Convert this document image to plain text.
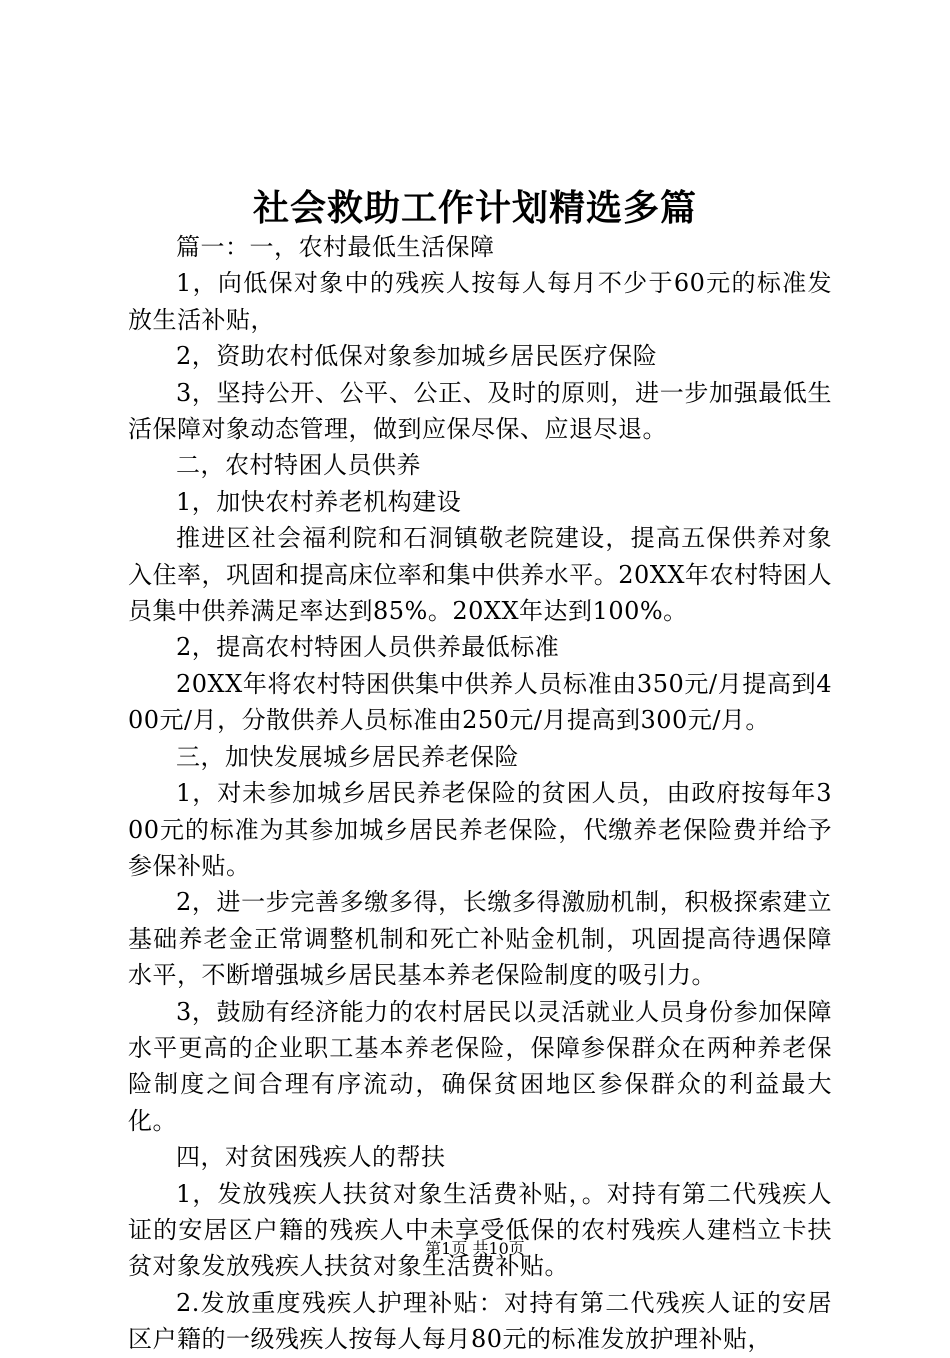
社会救助工作计划精选多篇

篇一：一，农村最低生活保障

1，向低保对象中的残疾人按每人每月不少于60元的标准发放生活补贴，

2，资助农村低保对象参加城乡居民医疗保险

3，坚持公开、公平、公正、及时的原则，进一步加强最低生活保障对象动态管理，做到应保尽保、应退尽退。

二，农村特困人员供养

1，加快农村养老机构建设

推进区社会福利院和石洞镇敬老院建设，提高五保供养对象入住率，巩固和提高床位率和集中供养水平。20XX年农村特困人员集中供养满足率达到85%。20XX年达到100%。

2，提高农村特困人员供养最低标准

20XX年将农村特困供集中供养人员标准由350元/月提高到400元/月，分散供养人员标准由250元/月提高到300元/月。

三，加快发展城乡居民养老保险

1，对未参加城乡居民养老保险的贫困人员，由政府按每年300元的标准为其参加城乡居民养老保险，代缴养老保险费并给予参保补贴。

2，进一步完善多缴多得，长缴多得激励机制，积极探索建立基础养老金正常调整机制和死亡补贴金机制，巩固提高待遇保障水平，不断增强城乡居民基本养老保险制度的吸引力。

3，鼓励有经济能力的农村居民以灵活就业人员身份参加保障水平更高的企业职工基本养老保险，保障参保群众在两种养老保险制度之间合理有序流动，确保贫困地区参保群众的利益最大化。

四，对贫困残疾人的帮扶

1，发放残疾人扶贫对象生活费补贴，。对持有第二代残疾人证的安居区户籍的残疾人中未享受低保的农村残疾人建档立卡扶贫对象发放残疾人扶贫对象生活费补贴。

2.发放重度残疾人护理补贴：对持有第二代残疾人证的安居区户籍的一级残疾人按每人每月80元的标准发放护理补贴，

第1页 共10页
